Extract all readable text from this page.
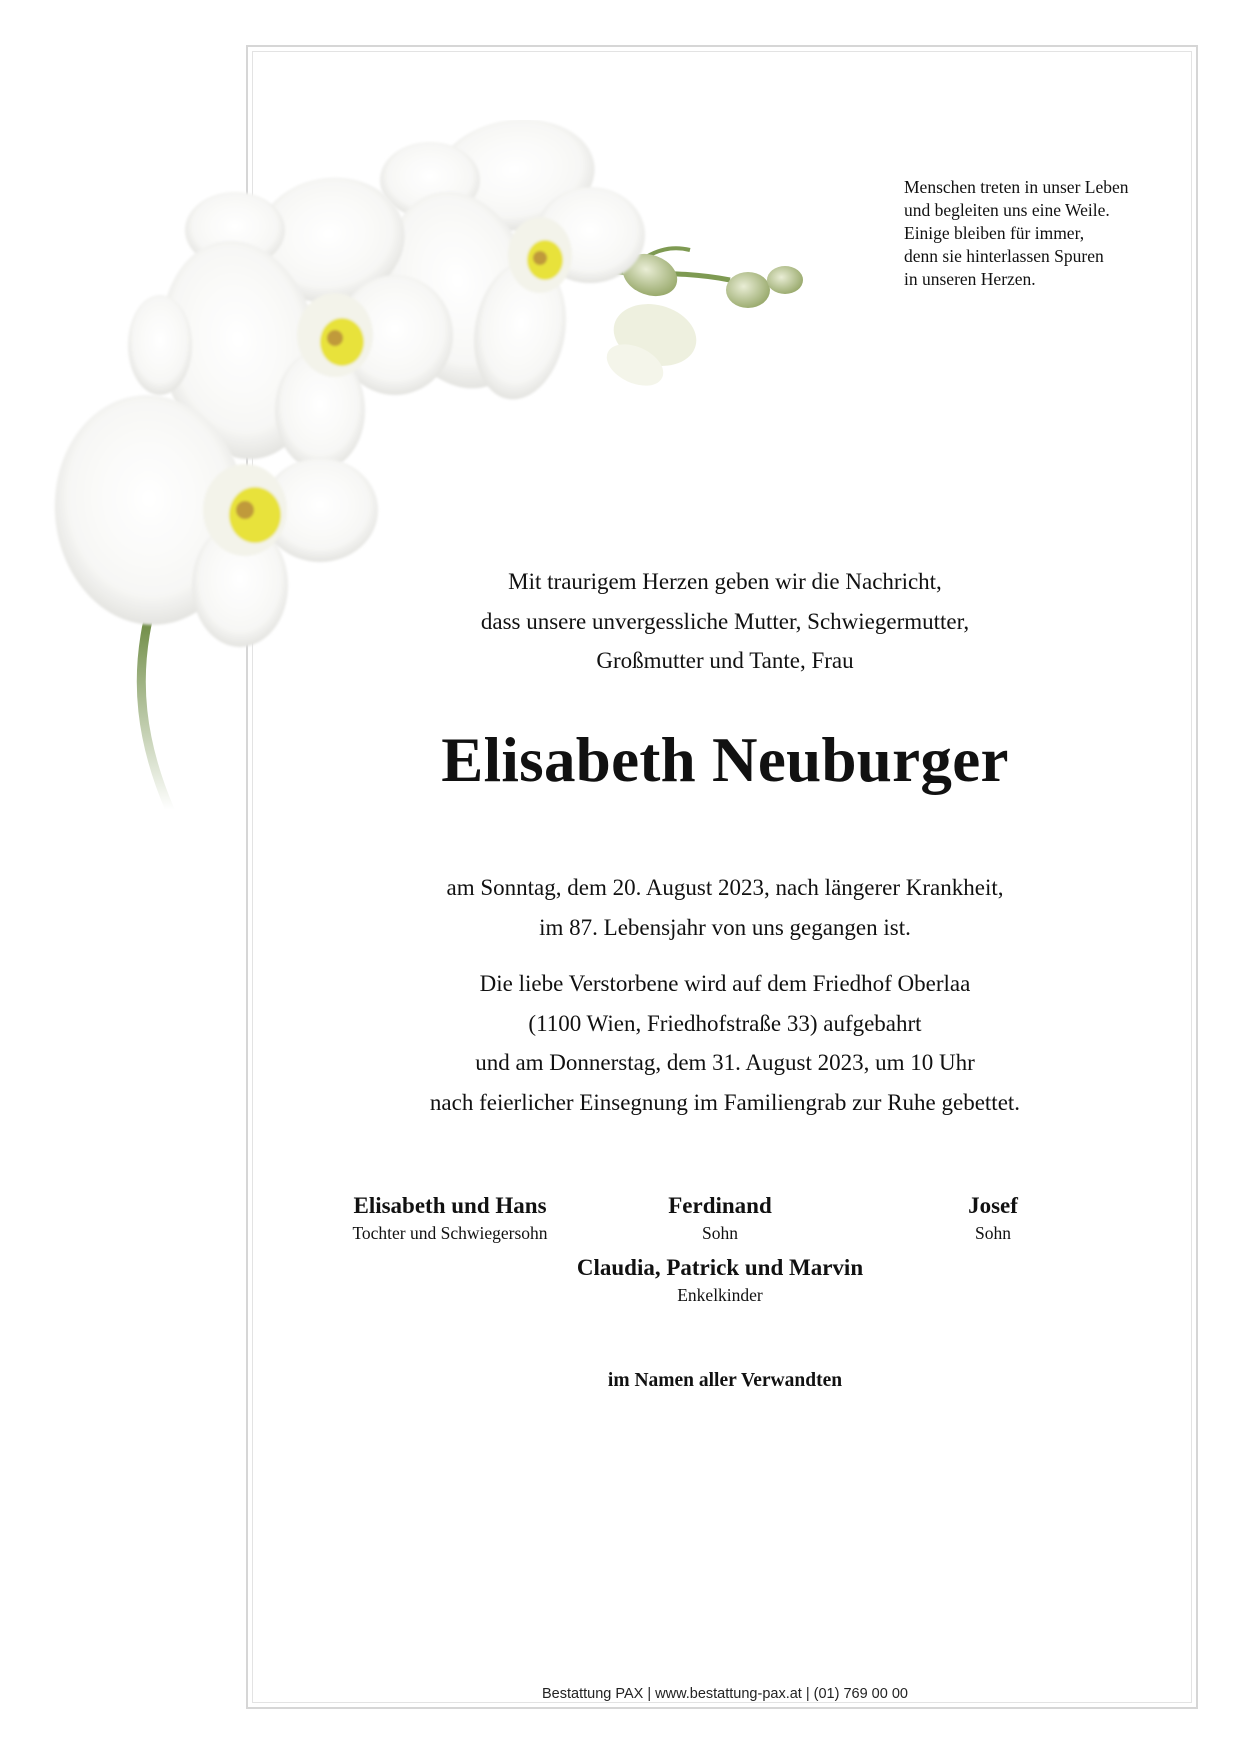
Menschen treten in unser Leben
und begleiten uns eine Weile.
Einige bleiben für immer,
denn sie hinterlassen Spuren
in unseren Herzen.
Mit traurigem Herzen geben wir die Nachricht,
dass unsere unvergessliche Mutter, Schwiegermutter,
Großmutter und Tante, Frau
Elisabeth Neuburger
am Sonntag, dem 20. August 2023, nach längerer Krankheit,
im 87. Lebensjahr von uns gegangen ist.
Die liebe Verstorbene wird auf dem Friedhof Oberlaa
(1100 Wien, Friedhofstraße 33) aufgebahrt
und am Donnerstag, dem 31. August 2023, um 10 Uhr
nach feierlicher Einsegnung im Familiengrab zur Ruhe gebettet.
Elisabeth und Hans
Tochter und Schwiegersohn
Ferdinand
Sohn
Josef
Sohn
Claudia, Patrick und Marvin
Enkelkinder
im Namen aller Verwandten
Bestattung PAX | www.bestattung-pax.at | (01) 769 00 00
